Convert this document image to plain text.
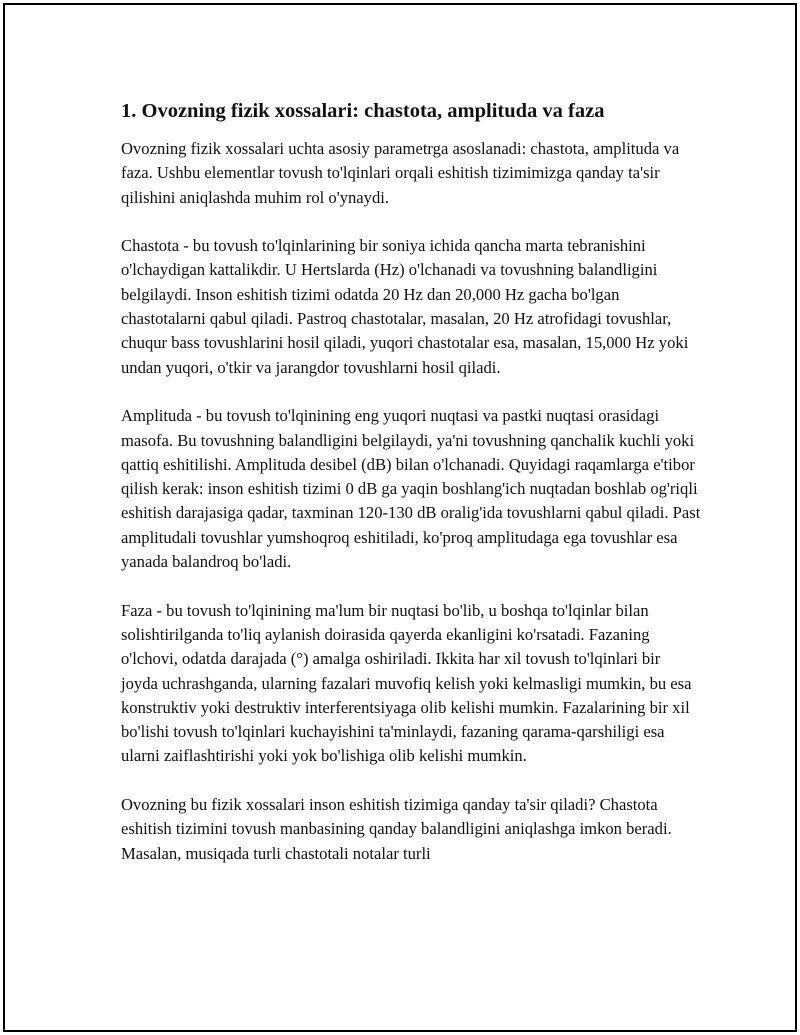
1. Ovozning fizik xossalari: chastota, amplituda va faza

Ovozning fizik xossalari uchta asosiy parametrga asoslanadi: chastota, amplituda va faza. Ushbu elementlar tovush to'lqinlari orqali eshitish tizimimizga qanday ta'sir qilishini aniqlashda muhim rol o'ynaydi.

Chastota - bu tovush to'lqinlarining bir soniya ichida qancha marta tebranishini o'lchaydigan kattalikdir. U Hertslarda (Hz) o'lchanadi va tovushning balandligini belgilaydi. Inson eshitish tizimi odatda 20 Hz dan 20,000 Hz gacha bo'lgan chastotalarni qabul qiladi. Pastroq chastotalar, masalan, 20 Hz atrofidagi tovushlar, chuqur bass tovushlarini hosil qiladi, yuqori chastotalar esa, masalan, 15,000 Hz yoki undan yuqori, o'tkir va jarangdor tovushlarni hosil qiladi.

Amplituda - bu tovush to'lqinining eng yuqori nuqtasi va pastki nuqtasi orasidagi masofa. Bu tovushning balandligini belgilaydi, ya'ni tovushning qanchalik kuchli yoki qattiq eshitilishi. Amplituda desibel (dB) bilan o'lchanadi. Quyidagi raqamlarga e'tibor qilish kerak: inson eshitish tizimi 0 dB ga yaqin boshlang'ich nuqtadan boshlab og'riqli eshitish darajasiga qadar, taxminan 120-130 dB oralig'ida tovushlarni qabul qiladi. Past amplitudali tovushlar yumshoqroq eshitiladi, ko'proq amplitudaga ega tovushlar esa yanada balandroq bo'ladi.

Faza - bu tovush to'lqinining ma'lum bir nuqtasi bo'lib, u boshqa to'lqinlar bilan solishtirilganda to'liq aylanish doirasida qayerda ekanligini ko'rsatadi. Fazaning o'lchovi, odatda darajada (°) amalga oshiriladi. Ikkita har xil tovush to'lqinlari bir joyda uchrashganda, ularning fazalari muvofiq kelish yoki kelmasligi mumkin, bu esa konstruktiv yoki destruktiv interferentsiyaga olib kelishi mumkin. Fazalarining bir xil bo'lishi tovush to'lqinlari kuchayishini ta'minlaydi, fazaning qarama-qarshiligi esa ularni zaiflashtirishi yoki yok bo'lishiga olib kelishi mumkin.

Ovozning bu fizik xossalari inson eshitish tizimiga qanday ta'sir qiladi? Chastota eshitish tizimini tovush manbasining qanday balandligini aniqlashga imkon beradi. Masalan, musiqada turli chastotali notalar turli
